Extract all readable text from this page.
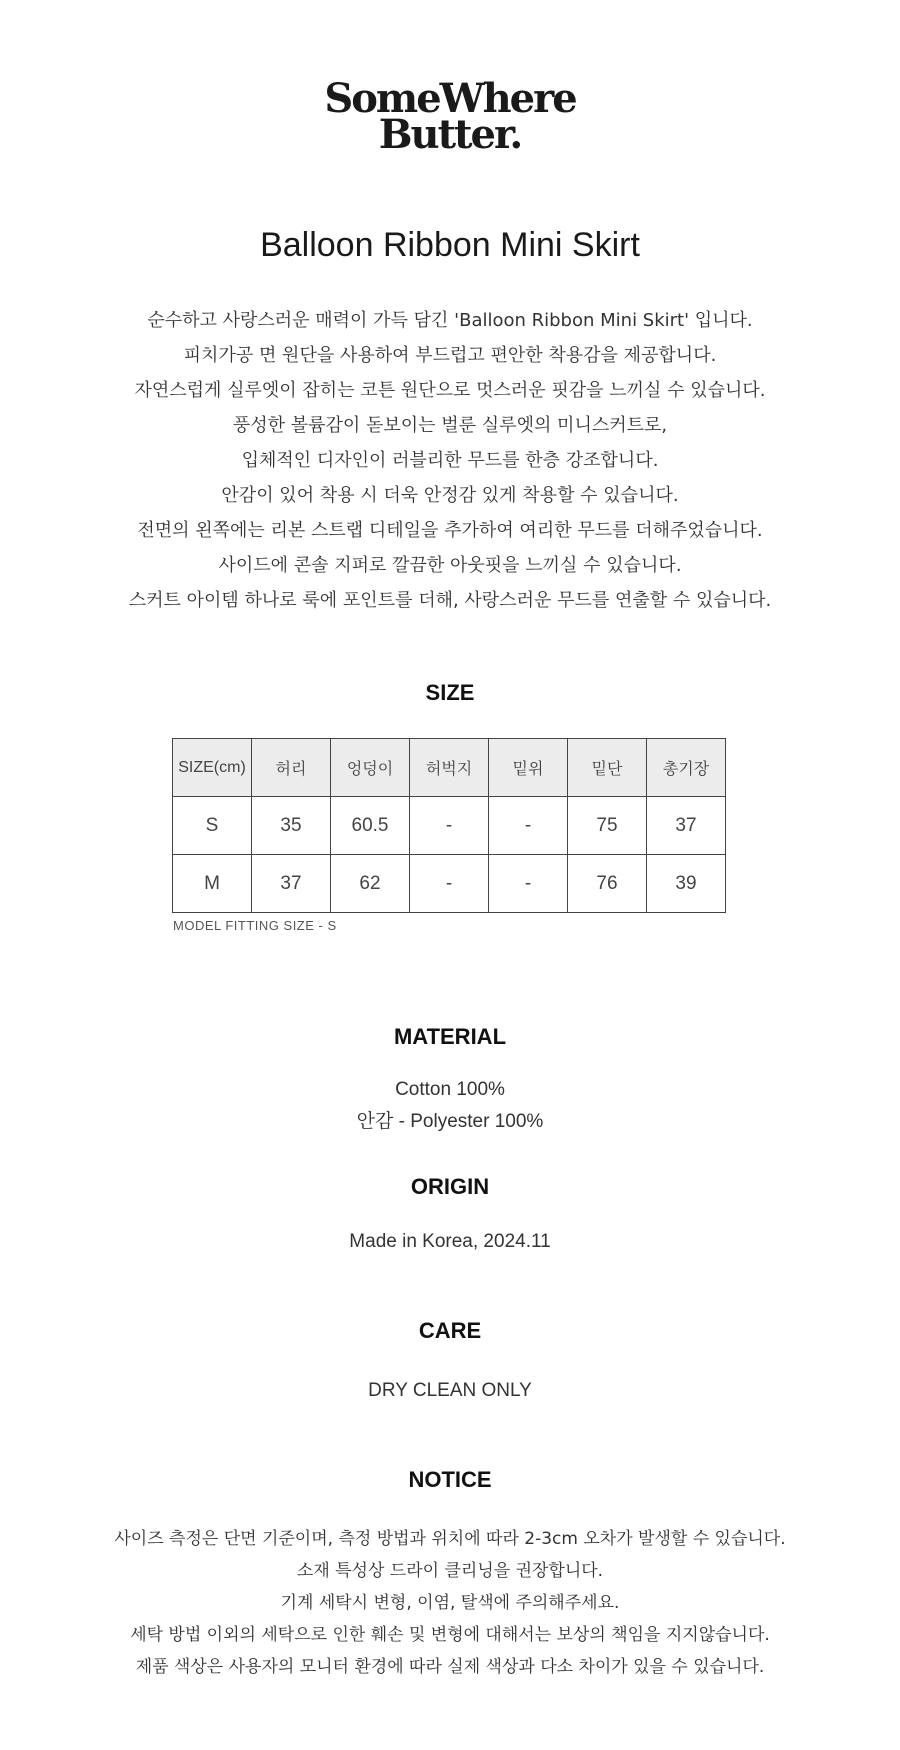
SomeWhere
Butter.
Balloon Ribbon Mini Skirt
순수하고 사랑스러운 매력이 가득 담긴 'Balloon Ribbon Mini Skirt' 입니다.
피치가공 면 원단을 사용하여 부드럽고 편안한 착용감을 제공합니다.
자연스럽게 실루엣이 잡히는 코튼 원단으로 멋스러운 핏감을 느끼실 수 있습니다.
풍성한 볼륨감이 돋보이는 벌룬 실루엣의 미니스커트로,
입체적인 디자인이 러블리한 무드를 한층 강조합니다.
안감이 있어 착용 시 더욱 안정감 있게 착용할 수 있습니다.
전면의 왼쪽에는 리본 스트랩 디테일을 추가하여 여리한 무드를 더해주었습니다.
사이드에 콘솔 지퍼로 깔끔한 아웃핏을 느끼실 수 있습니다.
스커트 아이템 하나로 룩에 포인트를 더해, 사랑스러운 무드를 연출할 수 있습니다.
SIZE
SIZE(cm)	허리	엉덩이	허벅지	밑위	밑단	총기장
S	35	60.5	-	-	75	37
M	37	62	-	-	76	39
MODEL FITTING SIZE - S
MATERIAL
Cotton 100%
안감 - Polyester 100%
ORIGIN
Made in Korea, 2024.11
CARE
DRY CLEAN ONLY
NOTICE
사이즈 측정은 단면 기준이며, 측정 방법과 위치에 따라 2-3cm 오차가 발생할 수 있습니다.
소재 특성상 드라이 클리닝을 권장합니다.
기계 세탁시 변형, 이염, 탈색에 주의해주세요.
세탁 방법 이외의 세탁으로 인한 훼손 및 변형에 대해서는 보상의 책임을 지지않습니다.
제품 색상은 사용자의 모니터 환경에 따라 실제 색상과 다소 차이가 있을 수 있습니다.
